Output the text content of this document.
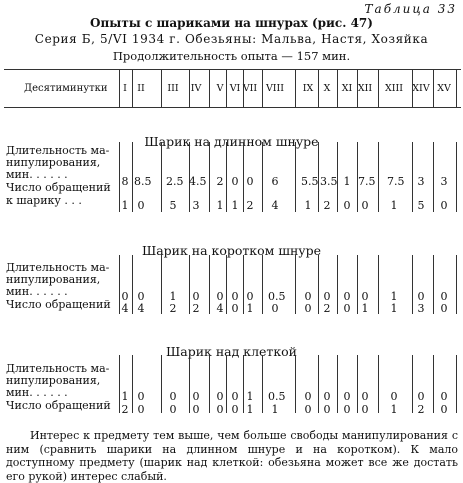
Таблица 33
Опыты с шариками на шнурах (рис. 47)
Серия Б, 5/VI 1934 г. Обезьяны: Мальва, Настя, Хозяйка
Продолжительность опыта — 157 мин.
Десятиминутки	I	II	III	IV	V VI VII VIII	IX	X	XI XII	XIII XIV XV
Шарик на длинном шнуре
Длительность ма-
нипулирования,
мин. . . . . .
Число обращений
к шарику . . .
8 8.5 2.5 4.5 2 0 0	6	5.5 3.5 1 7.5 7.5	3	3
1 0	5	3	1 1 2	4	1	2	0	0	1	5	0
Шарик на коротком шнуре
Длительность ма-
нипулирования,
мин. . . . . .
Число обращений
0 0	1	0	0 0 0	0.5	0	0	0	0	1	0	0
4 4	2	2	4 0 1	0	0	2	0	1	1	3	0
Шарик над клеткой
Длительность ма-
нипулирования,
мин. . . . . .
Число обращений
1 0	0	0	0 0 1	0.5	0	0	0	0	0	0	0
2 0	0	0	0 0 1	1	0	0	0	0	1	2	0

Интерес к предмету тем выше, чем больше свободы манипулирования с ним (сравнить шарики на длинном шнуре и на коротком). К мало доступному предмету (шарик над клеткой: обезьяна может все же достать его рукой) интерес слабый.
